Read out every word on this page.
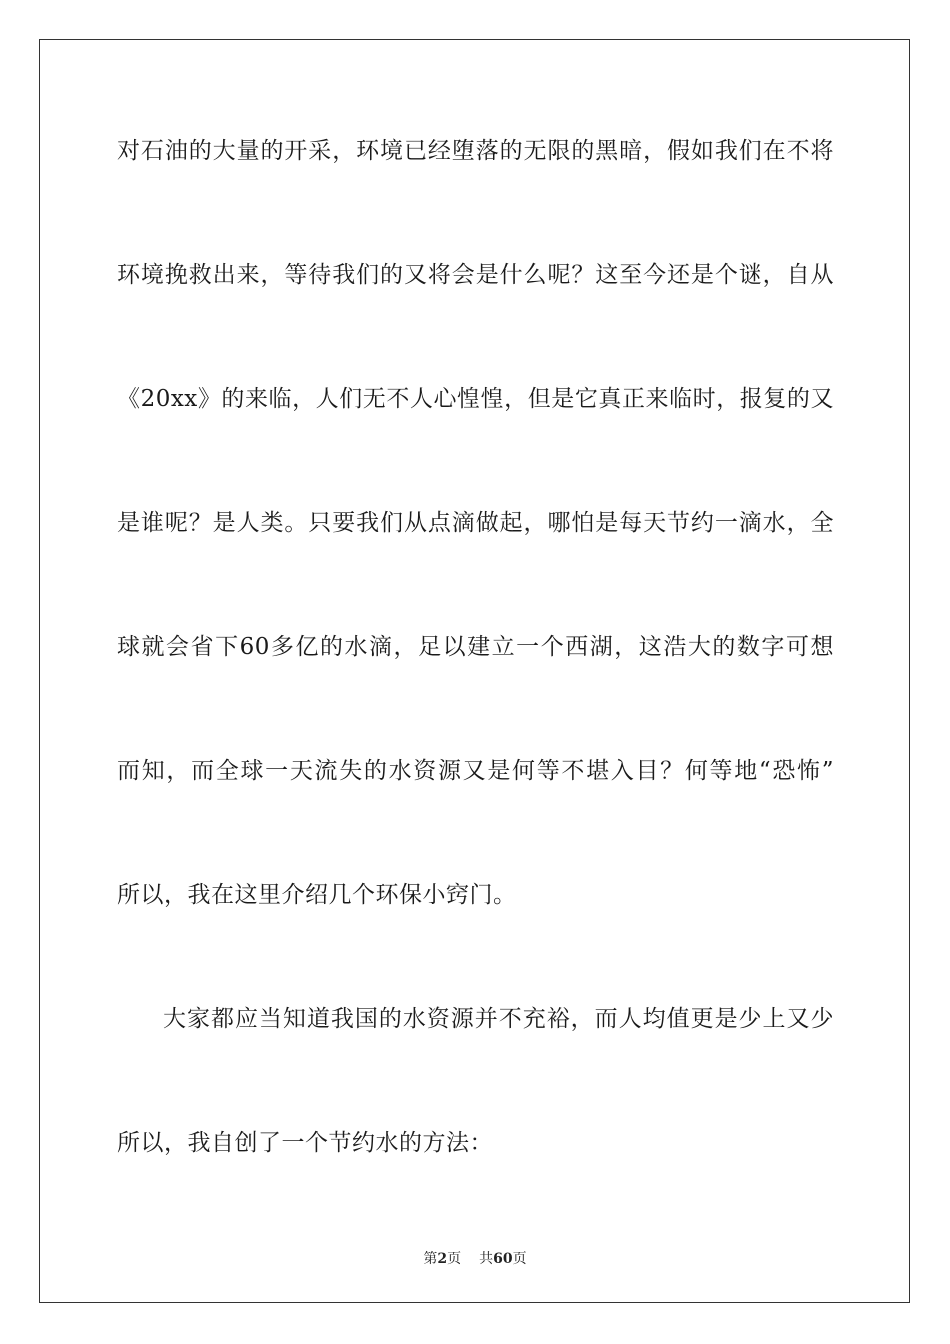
对石油的大量的开采，环境已经堕落的无限的黑暗，假如我们在不将
环境挽救出来，等待我们的又将会是什么呢？这至今还是个谜，自从
《20xx》的来临，人们无不人心惶惶，但是它真正来临时，报复的又
是谁呢？是人类。只要我们从点滴做起，哪怕是每天节约一滴水，全
球就会省下60多亿的水滴，足以建立一个西湖，这浩大的数字可想
而知，而全球一天流失的水资源又是何等不堪入目？何等地“恐怖”
所以，我在这里介绍几个环保小窍门。
大家都应当知道我国的水资源并不充裕，而人均值更是少上又少
所以，我自创了一个节约水的方法：
第2页 共60页
